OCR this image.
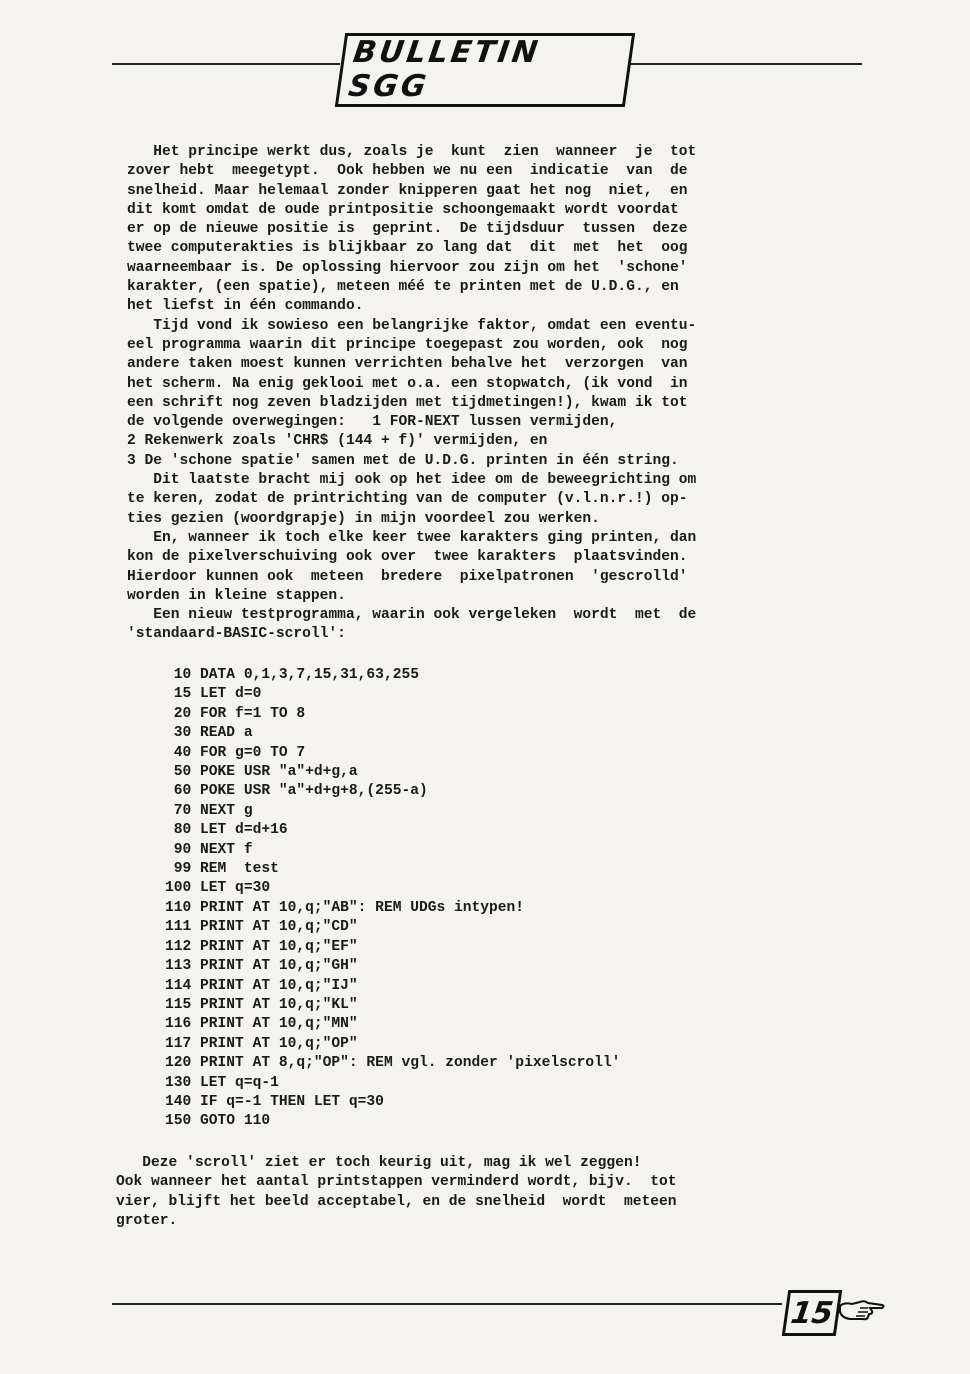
BULLETIN SGG

Het principe werkt dus, zoals je  kunt  zien  wanneer  je  tot

zover hebt  meegetypt.  Ook hebben we nu een  indicatie  van  de

snelheid. Maar helemaal zonder knipperen gaat het nog  niet,  en

dit komt omdat de oude printpositie schoongemaakt wordt voordat

er op de nieuwe positie is  geprint.  De tijdsduur  tussen  deze

twee computerakties is blijkbaar zo lang dat  dit  met  het  oog

waarneembaar is. De oplossing hiervoor zou zijn om het  'schone'

karakter, (een spatie), meteen méé te printen met de U.D.G., en

het liefst in één commando.

Tijd vond ik sowieso een belangrijke faktor, omdat een eventu-

eel programma waarin dit principe toegepast zou worden, ook  nog

andere taken moest kunnen verrichten behalve het  verzorgen  van

het scherm. Na enig geklooi met o.a. een stopwatch, (ik vond  in

een schrift nog zeven bladzijden met tijdmetingen!), kwam ik tot

de volgende overwegingen:   1 FOR-NEXT lussen vermijden,

2 Rekenwerk zoals 'CHR$ (144 + f)' vermijden, en

3 De 'schone spatie' samen met de U.D.G. printen in één string.

Dit laatste bracht mij ook op het idee om de beweegrichting om

te keren, zodat de printrichting van de computer (v.l.n.r.!) op-

ties gezien (woordgrapje) in mijn voordeel zou werken.

En, wanneer ik toch elke keer twee karakters ging printen, dan

kon de pixelverschuiving ook over  twee karakters  plaatsvinden.

Hierdoor kunnen ook  meteen  bredere  pixelpatronen  'gescrolld'

worden in kleine stappen.

Een nieuw testprogramma, waarin ook vergeleken  wordt  met  de

'standaard-BASIC-scroll':

10 DATA 0,1,3,7,15,31,63,255
15 LET d=0
20 FOR f=1 TO 8
30 READ a
40 FOR g=0 TO 7
50 POKE USR "a"+d+g,a
60 POKE USR "a"+d+g+8,(255-a)
70 NEXT g
80 LET d=d+16
90 NEXT f
99 REM  test
100 LET q=30
110 PRINT AT 10,q;"AB": REM UDGs intypen!
111 PRINT AT 10,q;"CD"
112 PRINT AT 10,q;"EF"
113 PRINT AT 10,q;"GH"
114 PRINT AT 10,q;"IJ"
115 PRINT AT 10,q;"KL"
116 PRINT AT 10,q;"MN"
117 PRINT AT 10,q;"OP"
120 PRINT AT 8,q;"OP": REM vgl. zonder 'pixelscroll'
130 LET q=q-1
140 IF q=-1 THEN LET q=30
150 GOTO 110

Deze 'scroll' ziet er toch keurig uit, mag ik wel zeggen!

Ook wanneer het aantal printstappen verminderd wordt, bijv.  tot

vier, blijft het beeld acceptabel, en de snelheid  wordt  meteen

groter.

15
